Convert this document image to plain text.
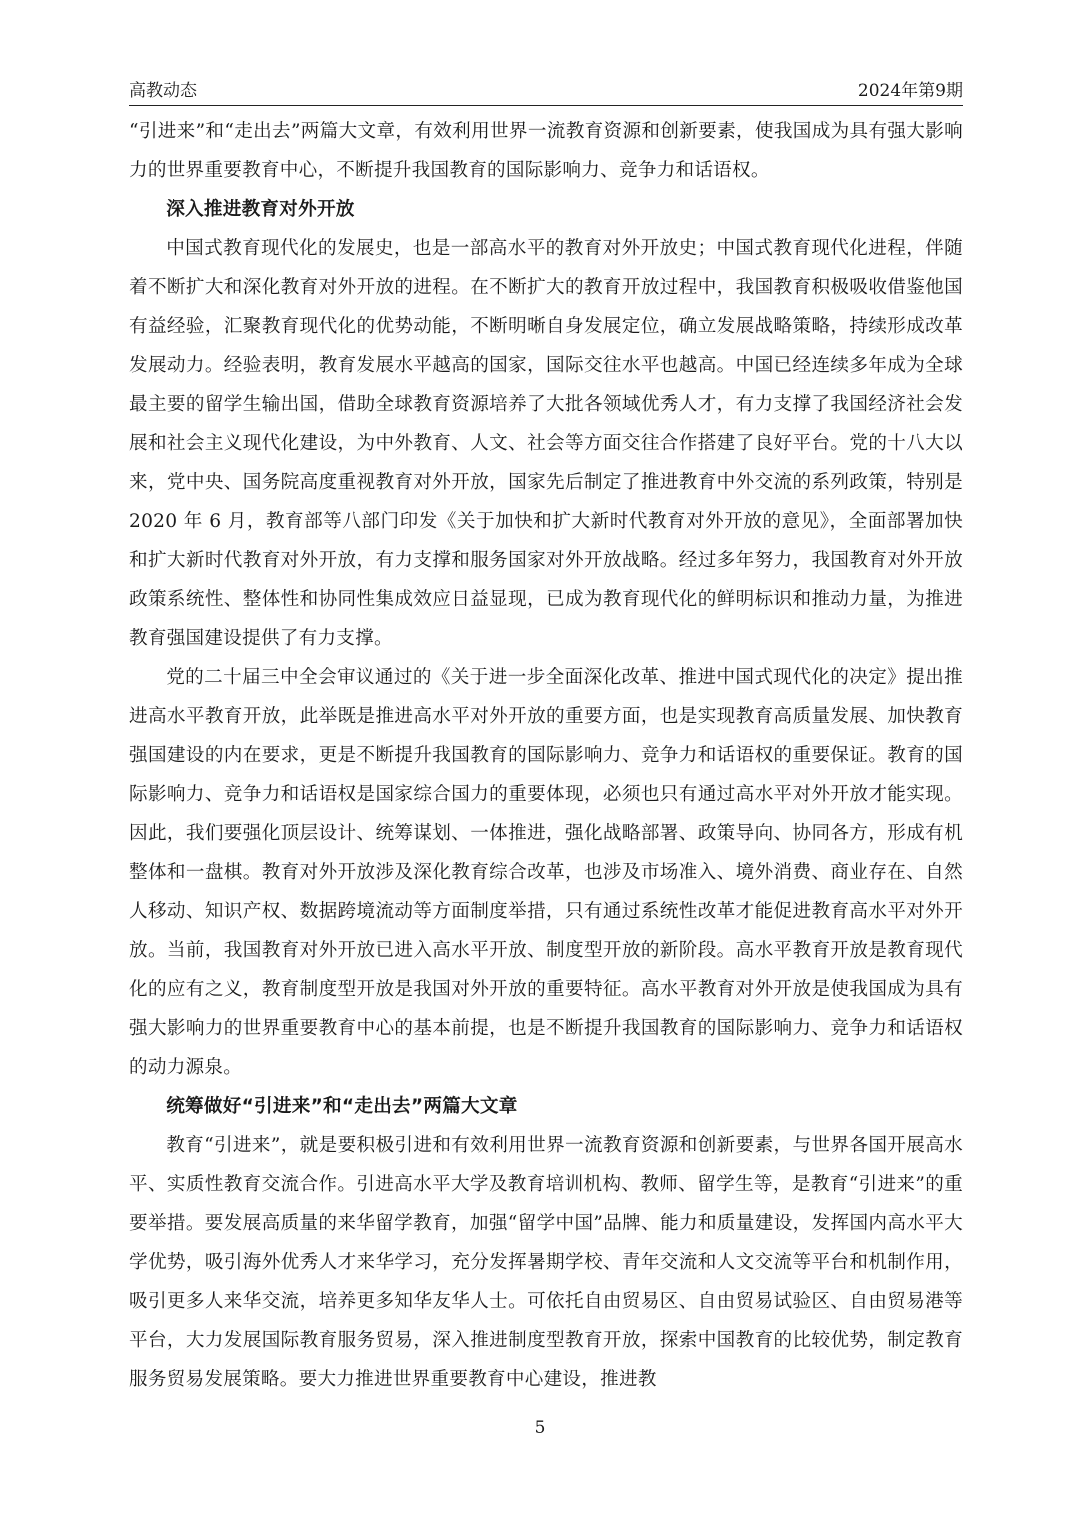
高教动态	2024年第9期

“引进来”和“走出去”两篇大文章，有效利用世界一流教育资源和创新要素，使我国成为具有强大影响力的世界重要教育中心，不断提升我国教育的国际影响力、竞争力和话语权。

深入推进教育对外开放

中国式教育现代化的发展史，也是一部高水平的教育对外开放史；中国式教育现代化进程，伴随着不断扩大和深化教育对外开放的进程。在不断扩大的教育开放过程中，我国教育积极吸收借鉴他国有益经验，汇聚教育现代化的优势动能，不断明晰自身发展定位，确立发展战略策略，持续形成改革发展动力。经验表明，教育发展水平越高的国家，国际交往水平也越高。中国已经连续多年成为全球最主要的留学生输出国，借助全球教育资源培养了大批各领域优秀人才，有力支撑了我国经济社会发展和社会主义现代化建设，为中外教育、人文、社会等方面交往合作搭建了良好平台。党的十八大以来，党中央、国务院高度重视教育对外开放，国家先后制定了推进教育中外交流的系列政策，特别是 2020 年 6 月，教育部等八部门印发《关于加快和扩大新时代教育对外开放的意见》，全面部署加快和扩大新时代教育对外开放，有力支撑和服务国家对外开放战略。经过多年努力，我国教育对外开放政策系统性、整体性和协同性集成效应日益显现，已成为教育现代化的鲜明标识和推动力量，为推进教育强国建设提供了有力支撑。

党的二十届三中全会审议通过的《关于进一步全面深化改革、推进中国式现代化的决定》提出推进高水平教育开放，此举既是推进高水平对外开放的重要方面，也是实现教育高质量发展、加快教育强国建设的内在要求，更是不断提升我国教育的国际影响力、竞争力和话语权的重要保证。教育的国际影响力、竞争力和话语权是国家综合国力的重要体现，必须也只有通过高水平对外开放才能实现。因此，我们要强化顶层设计、统筹谋划、一体推进，强化战略部署、政策导向、协同各方，形成有机整体和一盘棋。教育对外开放涉及深化教育综合改革，也涉及市场准入、境外消费、商业存在、自然人移动、知识产权、数据跨境流动等方面制度举措，只有通过系统性改革才能促进教育高水平对外开放。当前，我国教育对外开放已进入高水平开放、制度型开放的新阶段。高水平教育开放是教育现代化的应有之义，教育制度型开放是我国对外开放的重要特征。高水平教育对外开放是使我国成为具有强大影响力的世界重要教育中心的基本前提，也是不断提升我国教育的国际影响力、竞争力和话语权的动力源泉。

统筹做好“引进来”和“走出去”两篇大文章

教育“引进来”，就是要积极引进和有效利用世界一流教育资源和创新要素，与世界各国开展高水平、实质性教育交流合作。引进高水平大学及教育培训机构、教师、留学生等，是教育“引进来”的重要举措。要发展高质量的来华留学教育，加强“留学中国”品牌、能力和质量建设，发挥国内高水平大学优势，吸引海外优秀人才来华学习，充分发挥暑期学校、青年交流和人文交流等平台和机制作用，吸引更多人来华交流，培养更多知华友华人士。可依托自由贸易区、自由贸易试验区、自由贸易港等平台，大力发展国际教育服务贸易，深入推进制度型教育开放，探索中国教育的比较优势，制定教育服务贸易发展策略。要大力推进世界重要教育中心建设，推进教

5
